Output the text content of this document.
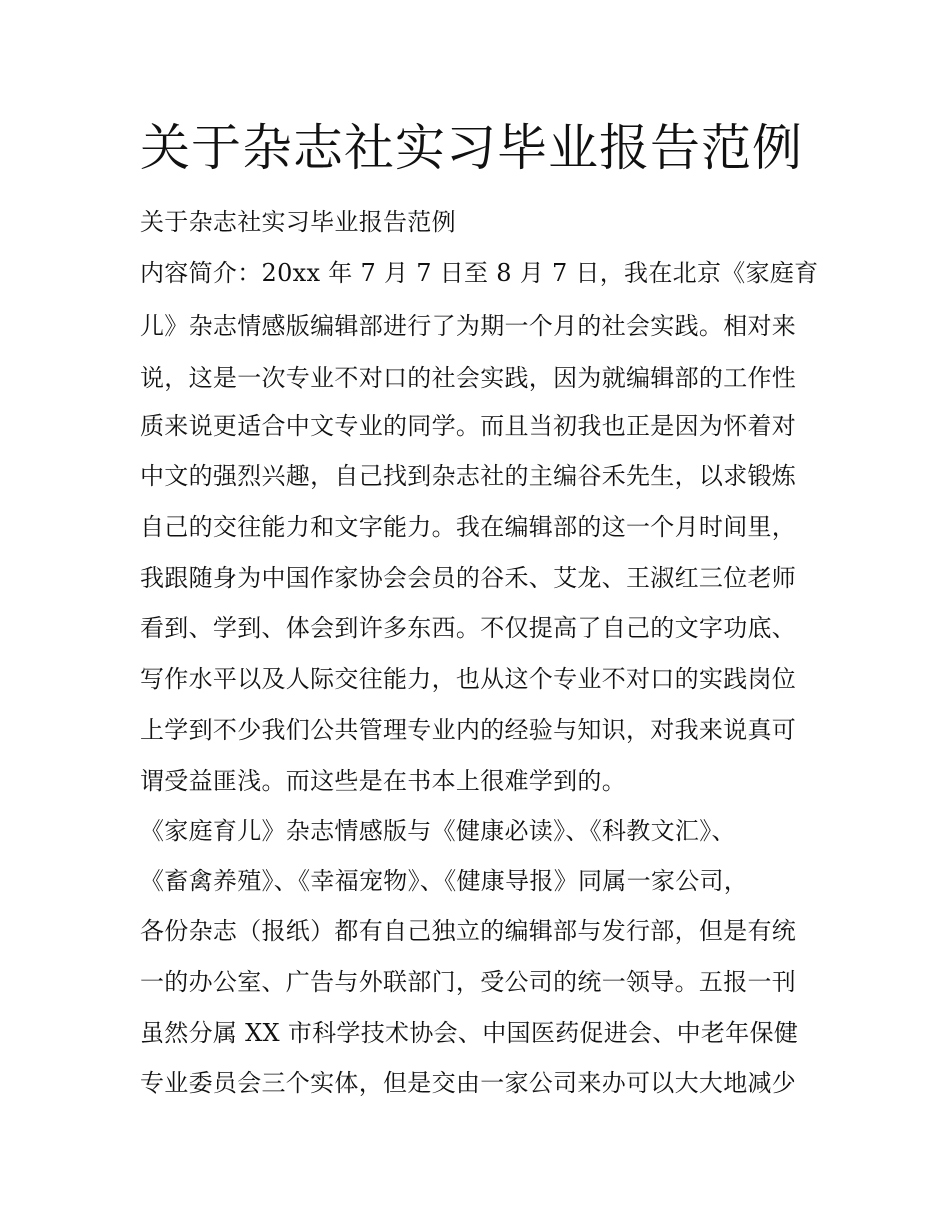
关于杂志社实习毕业报告范例
关于杂志社实习毕业报告范例
内容简介：20xx 年 7 月 7 日至 8 月 7 日，我在北京《家庭育
儿》杂志情感版编辑部进行了为期一个月的社会实践。相对来
说，这是一次专业不对口的社会实践，因为就编辑部的工作性
质来说更适合中文专业的同学。而且当初我也正是因为怀着对
中文的强烈兴趣，自己找到杂志社的主编谷禾先生，以求锻炼
自己的交往能力和文字能力。我在编辑部的这一个月时间里，
我跟随身为中国作家协会会员的谷禾、艾龙、王淑红三位老师
看到、学到、体会到许多东西。不仅提高了自己的文字功底、
写作水平以及人际交往能力，也从这个专业不对口的实践岗位
上学到不少我们公共管理专业内的经验与知识，对我来说真可
谓受益匪浅。而这些是在书本上很难学到的。
《家庭育儿》杂志情感版与《健康必读》、《科教文汇》、
《畜禽养殖》、《幸福宠物》、《健康导报》同属一家公司，
各份杂志（报纸）都有自己独立的编辑部与发行部，但是有统
一的办公室、广告与外联部门，受公司的统一领导。五报一刊
虽然分属 XX 市科学技术协会、中国医药促进会、中老年保健
专业委员会三个实体，但是交由一家公司来办可以大大地减少
